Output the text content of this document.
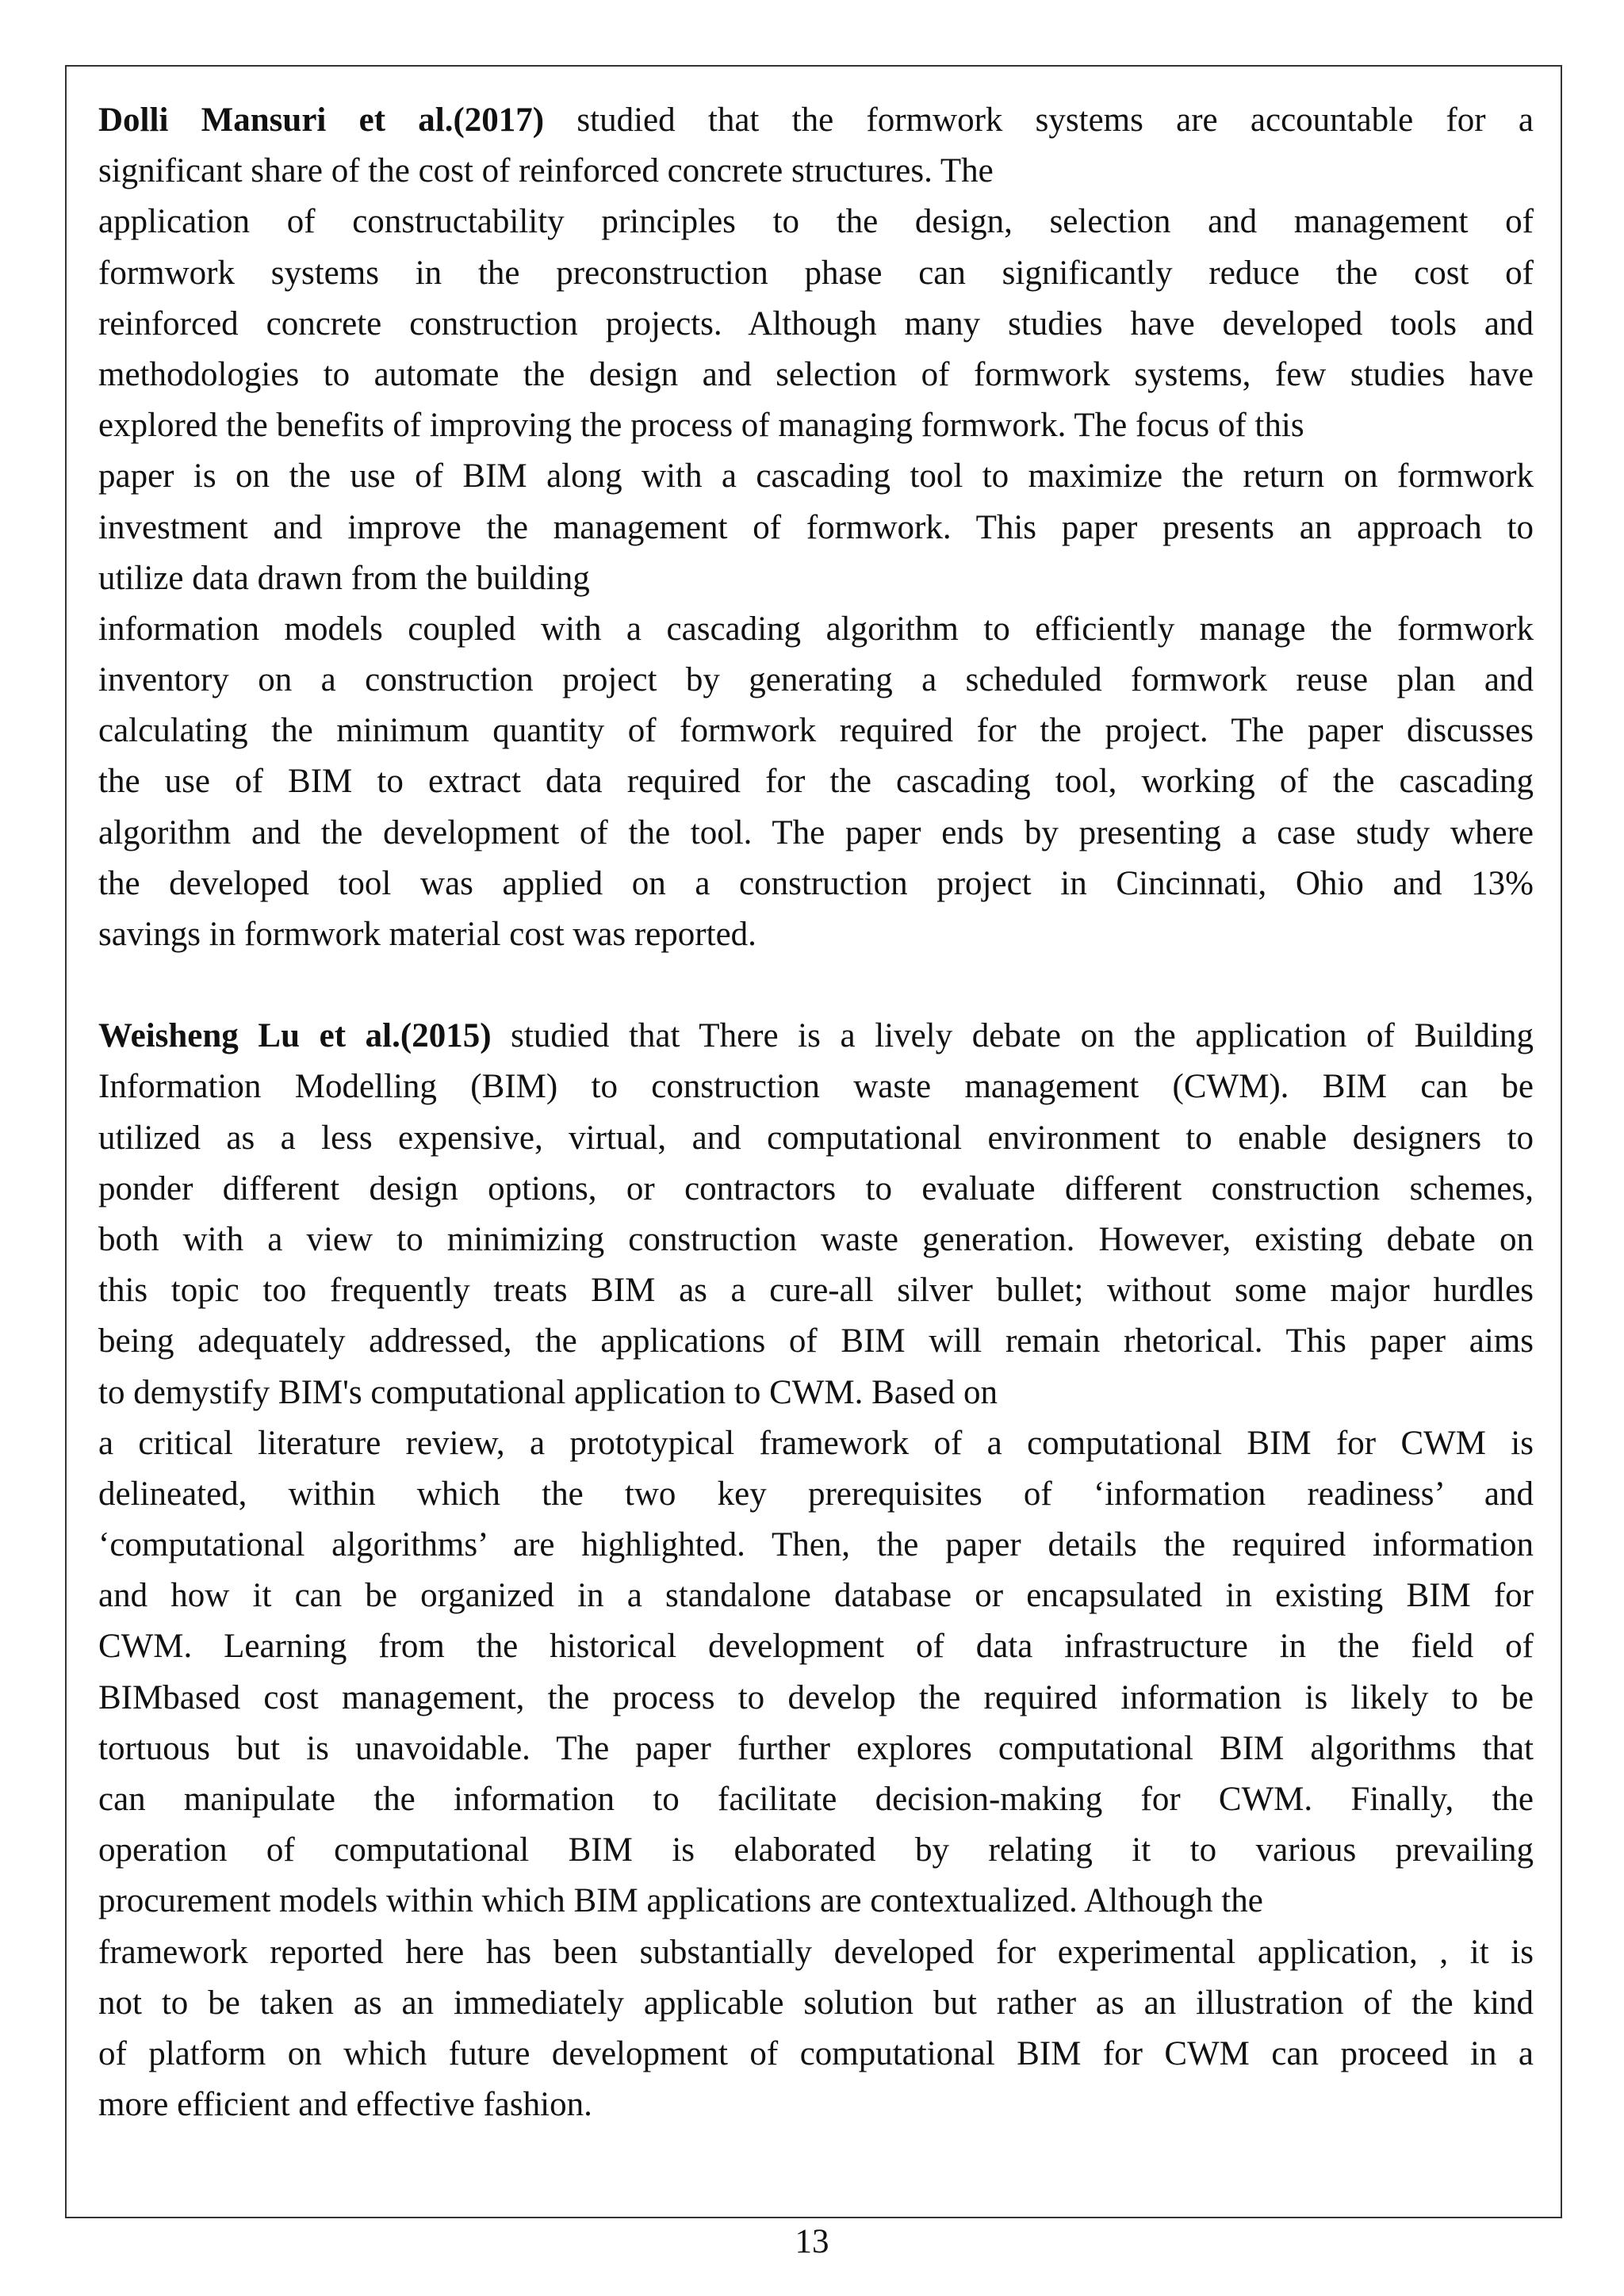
Dolli Mansuri et al.(2017) studied that the formwork systems are accountable for a
significant share of the cost of reinforced concrete structures. The
application of constructability principles to the design, selection and management of
formwork systems in the preconstruction phase can significantly reduce the cost of
reinforced concrete construction projects. Although many studies have developed tools and
methodologies to automate the design and selection of formwork systems, few studies have
explored the benefits of improving the process of managing formwork. The focus of this
paper is on the use of BIM along with a cascading tool to maximize the return on formwork
investment and improve the management of formwork. This paper presents an approach to
utilize data drawn from the building
information models coupled with a cascading algorithm to efficiently manage the formwork
inventory on a construction project by generating a scheduled formwork reuse plan and
calculating the minimum quantity of formwork required for the project. The paper discusses
the use of BIM to extract data required for the cascading tool, working of the cascading
algorithm and the development of the tool. The paper ends by presenting a case study where
the developed tool was applied on a construction project in Cincinnati, Ohio and 13%
savings in formwork material cost was reported.
Weisheng Lu et al.(2015) studied that There is a lively debate on the application of Building
Information Modelling (BIM) to construction waste management (CWM). BIM can be
utilized as a less expensive, virtual, and computational environment to enable designers to
ponder different design options, or contractors to evaluate different construction schemes,
both with a view to minimizing construction waste generation. However, existing debate on
this topic too frequently treats BIM as a cure-all silver bullet; without some major hurdles
being adequately addressed, the applications of BIM will remain rhetorical. This paper aims
to demystify BIM's computational application to CWM. Based on
a critical literature review, a prototypical framework of a computational BIM for CWM is
delineated, within which the two key prerequisites of ‘information readiness’ and
‘computational algorithms’ are highlighted. Then, the paper details the required information
and how it can be organized in a standalone database or encapsulated in existing BIM for
CWM. Learning from the historical development of data infrastructure in the field of
BIMbased cost management, the process to develop the required information is likely to be
tortuous but is unavoidable. The paper further explores computational BIM algorithms that
can manipulate the information to facilitate decision-making for CWM. Finally, the
operation of computational BIM is elaborated by relating it to various prevailing
procurement models within which BIM applications are contextualized. Although the
framework reported here has been substantially developed for experimental application, , it is
not to be taken as an immediately applicable solution but rather as an illustration of the kind
of platform on which future development of computational BIM for CWM can proceed in a
more efficient and effective fashion.
13
